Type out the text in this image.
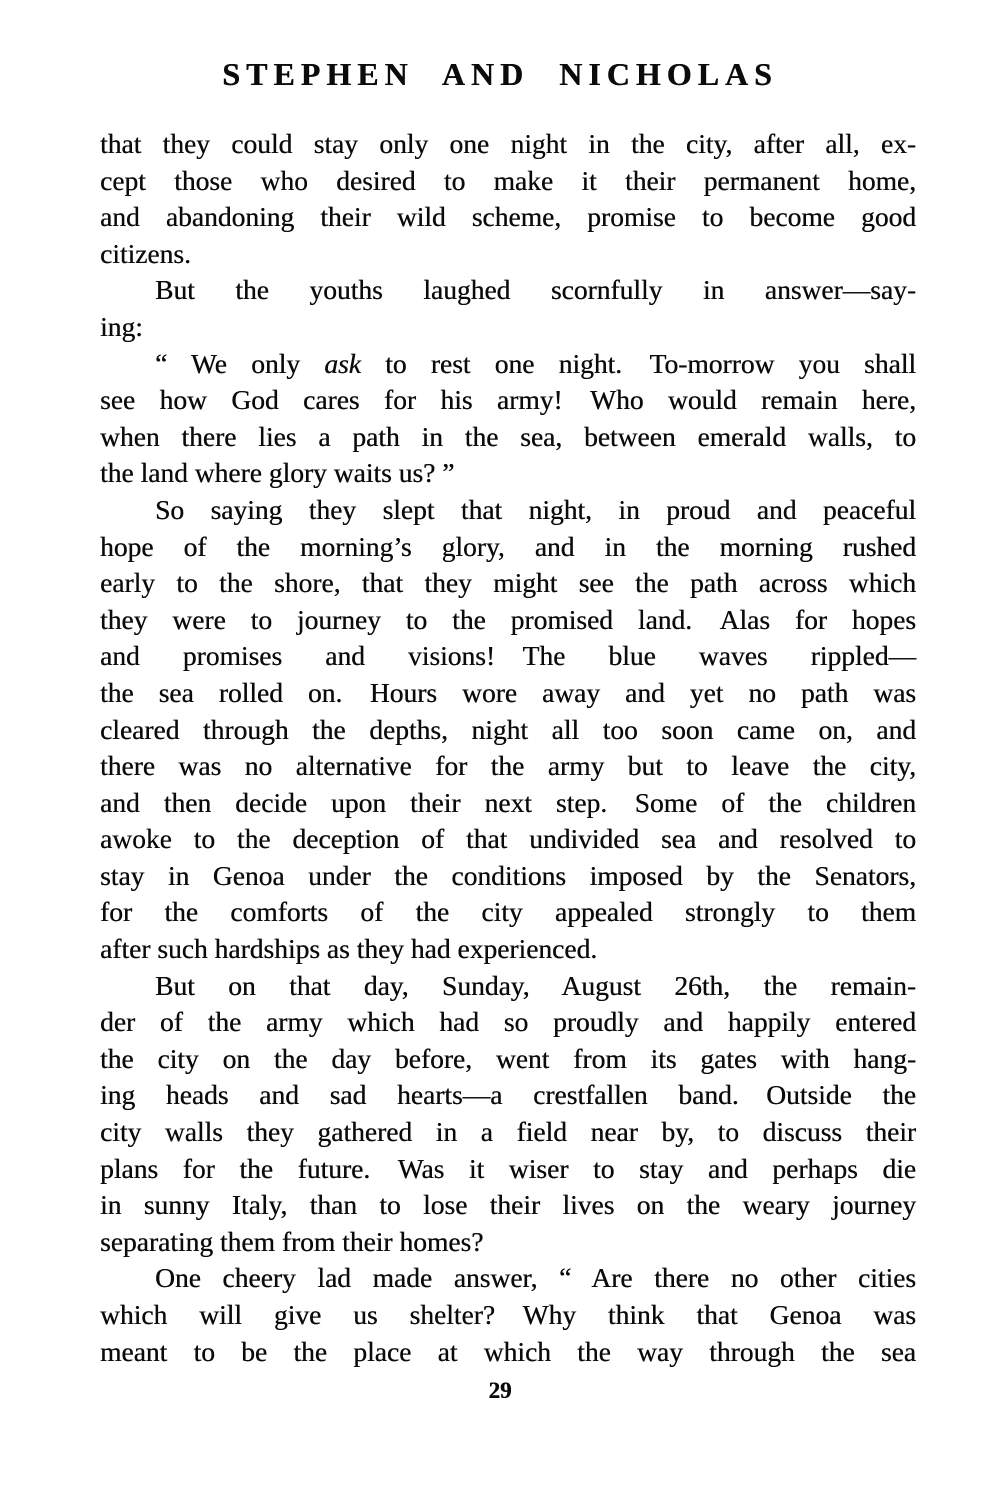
STEPHEN AND NICHOLAS
that they could stay only one night in the city, after all, ex-
cept those who desired to make it their permanent home,
and abandoning their wild scheme, promise to become good
citizens.
But the youths laughed scornfully in answer—say-
ing:
“ We only ask to rest one night. To-morrow you shall
see how God cares for his army! Who would remain here,
when there lies a path in the sea, between emerald walls, to
the land where glory waits us? ”
So saying they slept that night, in proud and peaceful
hope of the morning’s glory, and in the morning rushed
early to the shore, that they might see the path across which
they were to journey to the promised land. Alas for hopes
and promises and visions! The blue waves rippled—
the sea rolled on. Hours wore away and yet no path was
cleared through the depths, night all too soon came on, and
there was no alternative for the army but to leave the city,
and then decide upon their next step. Some of the children
awoke to the deception of that undivided sea and resolved to
stay in Genoa under the conditions imposed by the Senators,
for the comforts of the city appealed strongly to them
after such hardships as they had experienced.
But on that day, Sunday, August 26th, the remain-
der of the army which had so proudly and happily entered
the city on the day before, went from its gates with hang-
ing heads and sad hearts—a crestfallen band. Outside the
city walls they gathered in a field near by, to discuss their
plans for the future. Was it wiser to stay and perhaps die
in sunny Italy, than to lose their lives on the weary journey
separating them from their homes?
One cheery lad made answer, “ Are there no other cities
which will give us shelter? Why think that Genoa was
meant to be the place at which the way through the sea
29
